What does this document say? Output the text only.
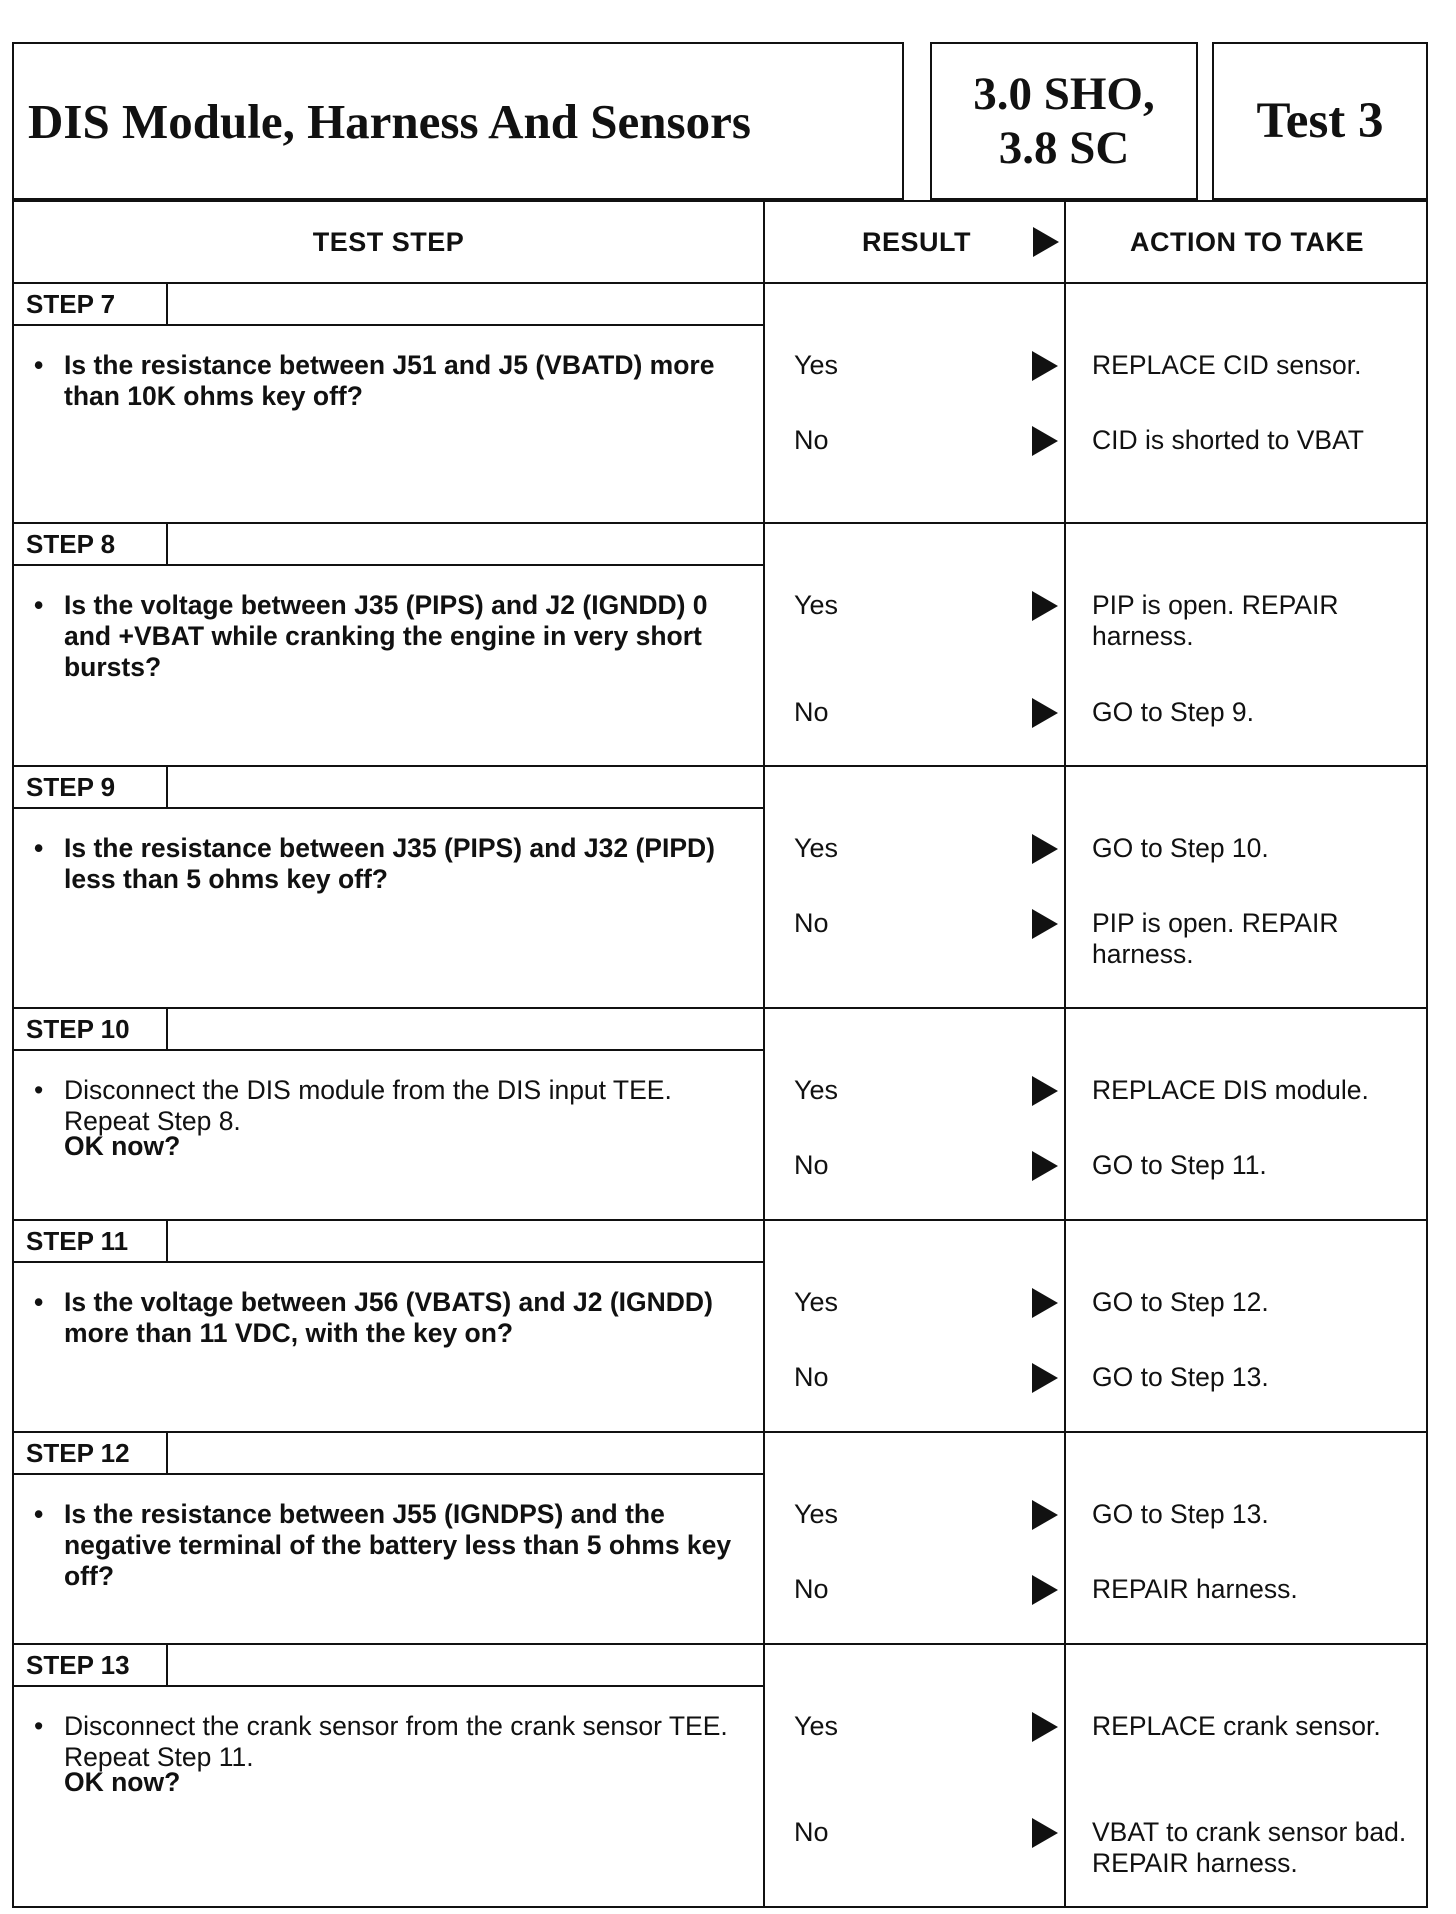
DIS Module, Harness And Sensors	3.0 SHO,
3.8 SC Test 3
TEST STEP	RESULT	ACTION TO TAKE
STEP 7
• Is the resistance between J51 and J5 (VBATD) more than 10K ohms key off?
Yes	REPLACE CID sensor.
No	CID is shorted to VBAT
STEP 8
• Is the voltage between J35 (PIPS) and J2 (IGNDD) 0 and +VBAT while cranking the engine in very short bursts?
Yes	PIP is open. REPAIR harness.
No	GO to Step 9.
STEP 9
• Is the resistance between J35 (PIPS) and J32 (PIPD) less than 5 ohms key off?
Yes	GO to Step 10.
No	PIP is open. REPAIR harness.
STEP 10
• Disconnect the DIS module from the DIS input TEE. Repeat Step 8.
OK now?
Yes	REPLACE DIS module.
No	GO to Step 11.
STEP 11
• Is the voltage between J56 (VBATS) and J2 (IGNDD) more than 11 VDC, with the key on?
Yes	GO to Step 12.
No	GO to Step 13.
STEP 12
• Is the resistance between J55 (IGNDPS) and the negative terminal of the battery less than 5 ohms key off?
Yes	GO to Step 13.
No	REPAIR harness.
STEP 13
• Disconnect the crank sensor from the crank sensor TEE. Repeat Step 11.
OK now?
Yes	REPLACE crank sensor.
No	VBAT to crank sensor bad. REPAIR harness.
